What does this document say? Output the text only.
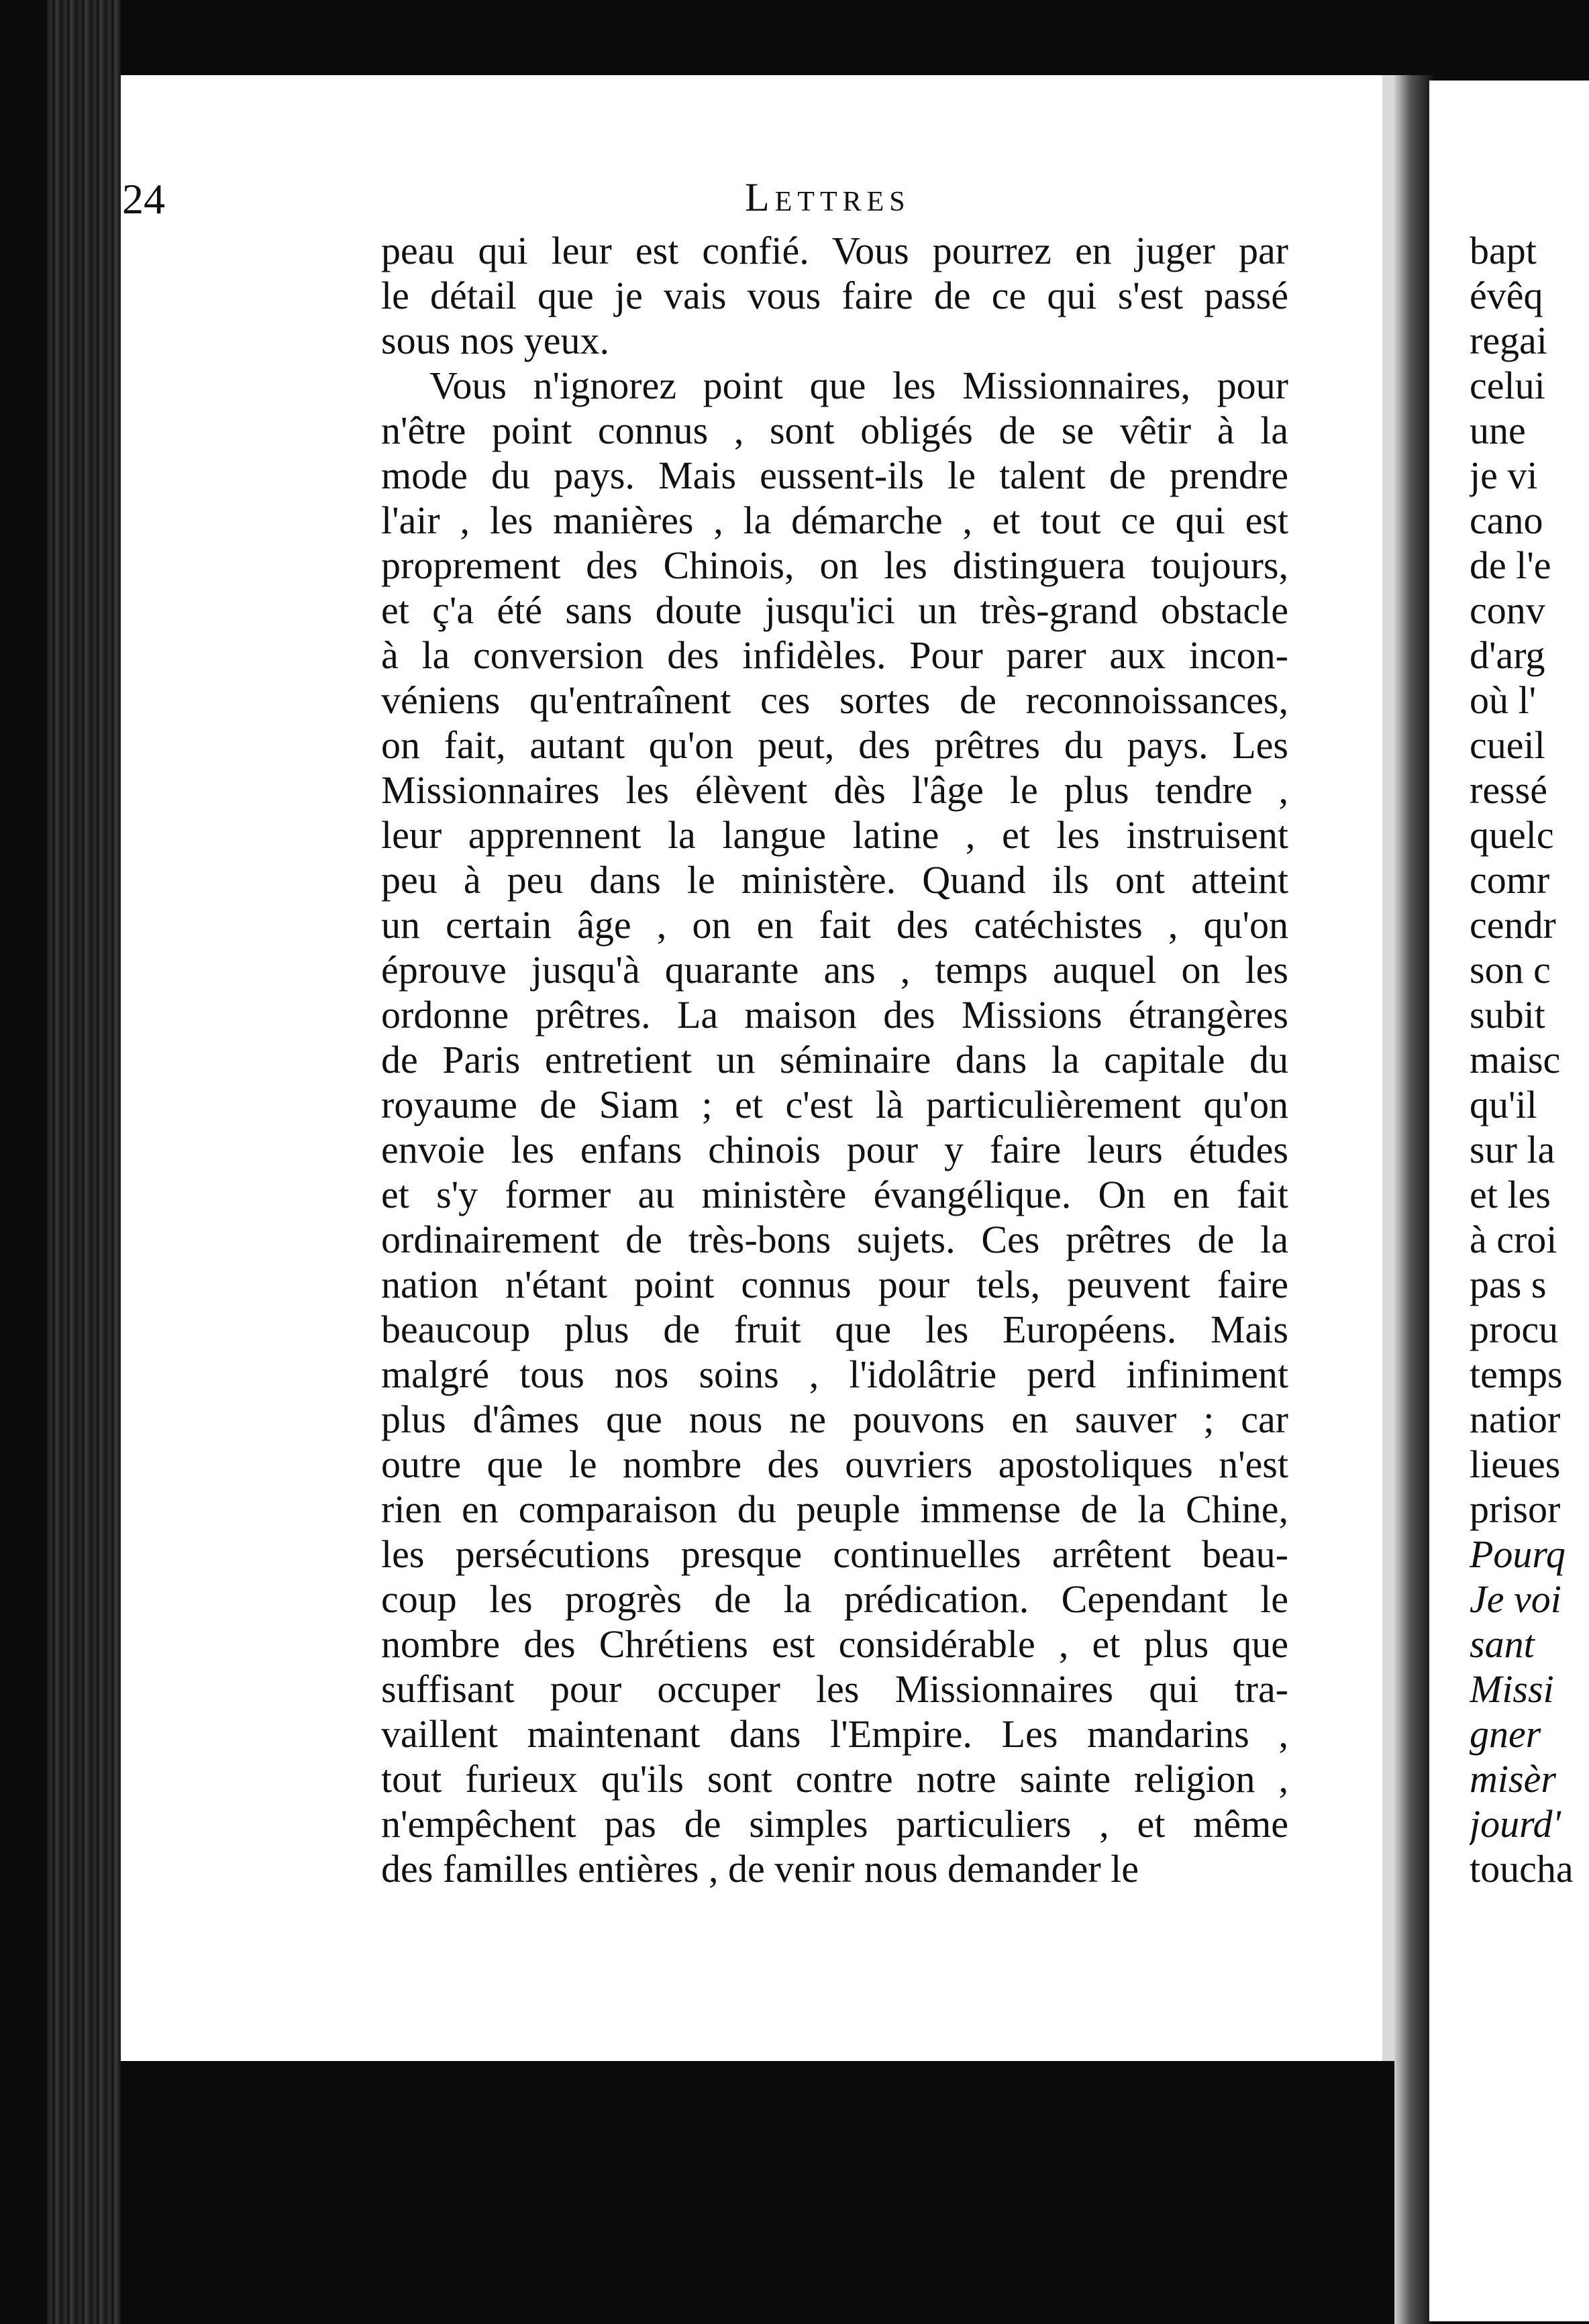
24	Lettres
peau qui leur est confié. Vous pourrez en juger par
le détail que je vais vous faire de ce qui s'est passé
sous nos yeux.
Vous n'ignorez point que les Missionnaires, pour
n'être point connus , sont obligés de se vêtir à la
mode du pays. Mais eussent-ils le talent de prendre
l'air , les manières , la démarche , et tout ce qui est
proprement des Chinois, on les distinguera toujours,
et ç'a été sans doute jusqu'ici un très-grand obstacle
à la conversion des infidèles. Pour parer aux incon-
véniens qu'entraînent ces sortes de reconnoissances,
on fait, autant qu'on peut, des prêtres du pays. Les
Missionnaires les élèvent dès l'âge le plus tendre ,
leur apprennent la langue latine , et les instruisent
peu à peu dans le ministère. Quand ils ont atteint
un certain âge , on en fait des catéchistes , qu'on
éprouve jusqu'à quarante ans , temps auquel on les
ordonne prêtres. La maison des Missions étrangères
de Paris entretient un séminaire dans la capitale du
royaume de Siam ; et c'est là particulièrement qu'on
envoie les enfans chinois pour y faire leurs études
et s'y former au ministère évangélique. On en fait
ordinairement de très-bons sujets. Ces prêtres de la
nation n'étant point connus pour tels, peuvent faire
beaucoup plus de fruit que les Européens. Mais
malgré tous nos soins , l'idolâtrie perd infiniment
plus d'âmes que nous ne pouvons en sauver ; car
outre que le nombre des ouvriers apostoliques n'est
rien en comparaison du peuple immense de la Chine,
les persécutions presque continuelles arrêtent beau-
coup les progrès de la prédication. Cependant le
nombre des Chrétiens est considérable , et plus que
suffisant pour occuper les Missionnaires qui tra-
vaillent maintenant dans l'Empire. Les mandarins ,
tout furieux qu'ils sont contre notre sainte religion ,
n'empêchent pas de simples particuliers , et même
des familles entières , de venir nous demander le
bapt
évêq
regai
celui
une
je vi
cano
de l'e
conv
d'arg
où l'
cueil
ressé
quelc
comr
cendr
son c
subit
maisc
qu'il
sur la
et les
à croi
pas s
procu
temps
natior
lieues
prisor
Pourq
Je voi
sant
Missi
gner
misèr
jourd'
toucha
